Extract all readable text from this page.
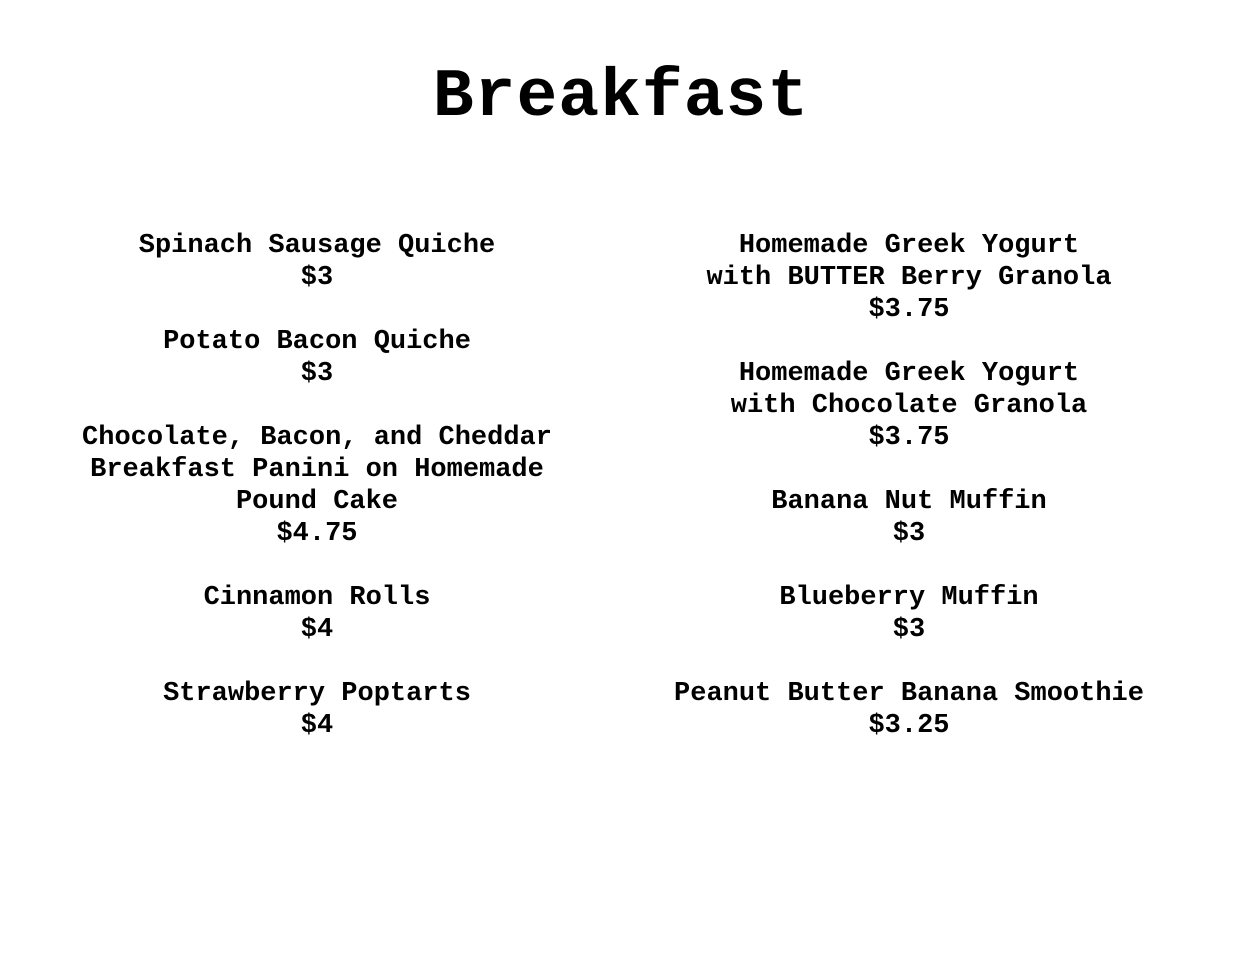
Breakfast
Spinach Sausage Quiche
$3
Potato Bacon Quiche
$3
Chocolate, Bacon, and Cheddar
Breakfast Panini on Homemade
Pound Cake
$4.75
Cinnamon Rolls
$4
Strawberry Poptarts
$4
Homemade Greek Yogurt
with BUTTER Berry Granola
$3.75
Homemade Greek Yogurt
with Chocolate Granola
$3.75
Banana Nut Muffin
$3
Blueberry Muffin
$3
Peanut Butter Banana Smoothie
$3.25
